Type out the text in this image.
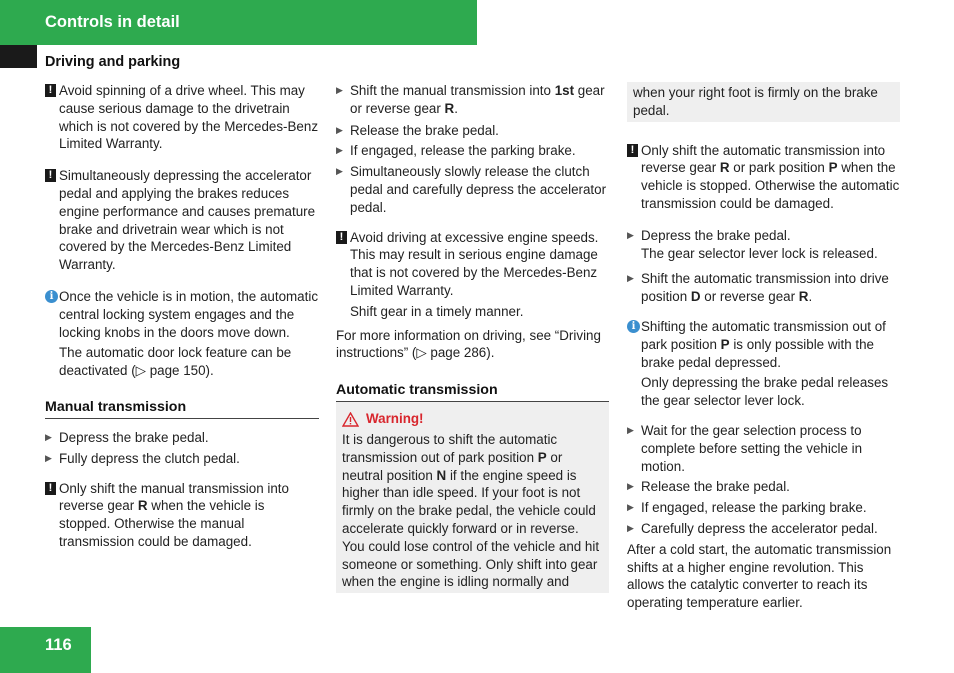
Controls in detail
Driving and parking
! Avoid spinning of a drive wheel. This may cause serious damage to the drivetrain which is not covered by the Mercedes-Benz Limited Warranty.
! Simultaneously depressing the accelerator pedal and applying the brakes reduces engine performance and causes premature brake and drivetrain wear which is not covered by the Mercedes-Benz Limited Warranty.
i Once the vehicle is in motion, the automatic central locking system engages and the locking knobs in the doors move down.
The automatic door lock feature can be deactivated (▷ page 150).
Manual transmission
▶ Depress the brake pedal.
▶ Fully depress the clutch pedal.
! Only shift the manual transmission into reverse gear R when the vehicle is stopped. Otherwise the manual transmission could be damaged.
▶ Shift the manual transmission into 1st gear or reverse gear R.
▶ Release the brake pedal.
▶ If engaged, release the parking brake.
▶ Simultaneously slowly release the clutch pedal and carefully depress the accelerator pedal.
! Avoid driving at excessive engine speeds. This may result in serious engine damage that is not covered by the Mercedes-Benz Limited Warranty.
Shift gear in a timely manner.
For more information on driving, see “Driving instructions” (▷ page 286).
Automatic transmission
Warning!
It is dangerous to shift the automatic transmission out of park position P or neutral position N if the engine speed is higher than idle speed. If your foot is not firmly on the brake pedal, the vehicle could accelerate quickly forward or in reverse. You could lose control of the vehicle and hit someone or something. Only shift into gear when the engine is idling normally and
when your right foot is firmly on the brake pedal.
! Only shift the automatic transmission into reverse gear R or park position P when the vehicle is stopped. Otherwise the automatic transmission could be damaged.
▶ Depress the brake pedal.
The gear selector lever lock is released.
▶ Shift the automatic transmission into drive position D or reverse gear R.
i Shifting the automatic transmission out of park position P is only possible with the brake pedal depressed.
Only depressing the brake pedal releases the gear selector lever lock.
▶ Wait for the gear selection process to complete before setting the vehicle in motion.
▶ Release the brake pedal.
▶ If engaged, release the parking brake.
▶ Carefully depress the accelerator pedal.
After a cold start, the automatic transmission shifts at a higher engine revolution. This allows the catalytic converter to reach its operating temperature earlier.
116
